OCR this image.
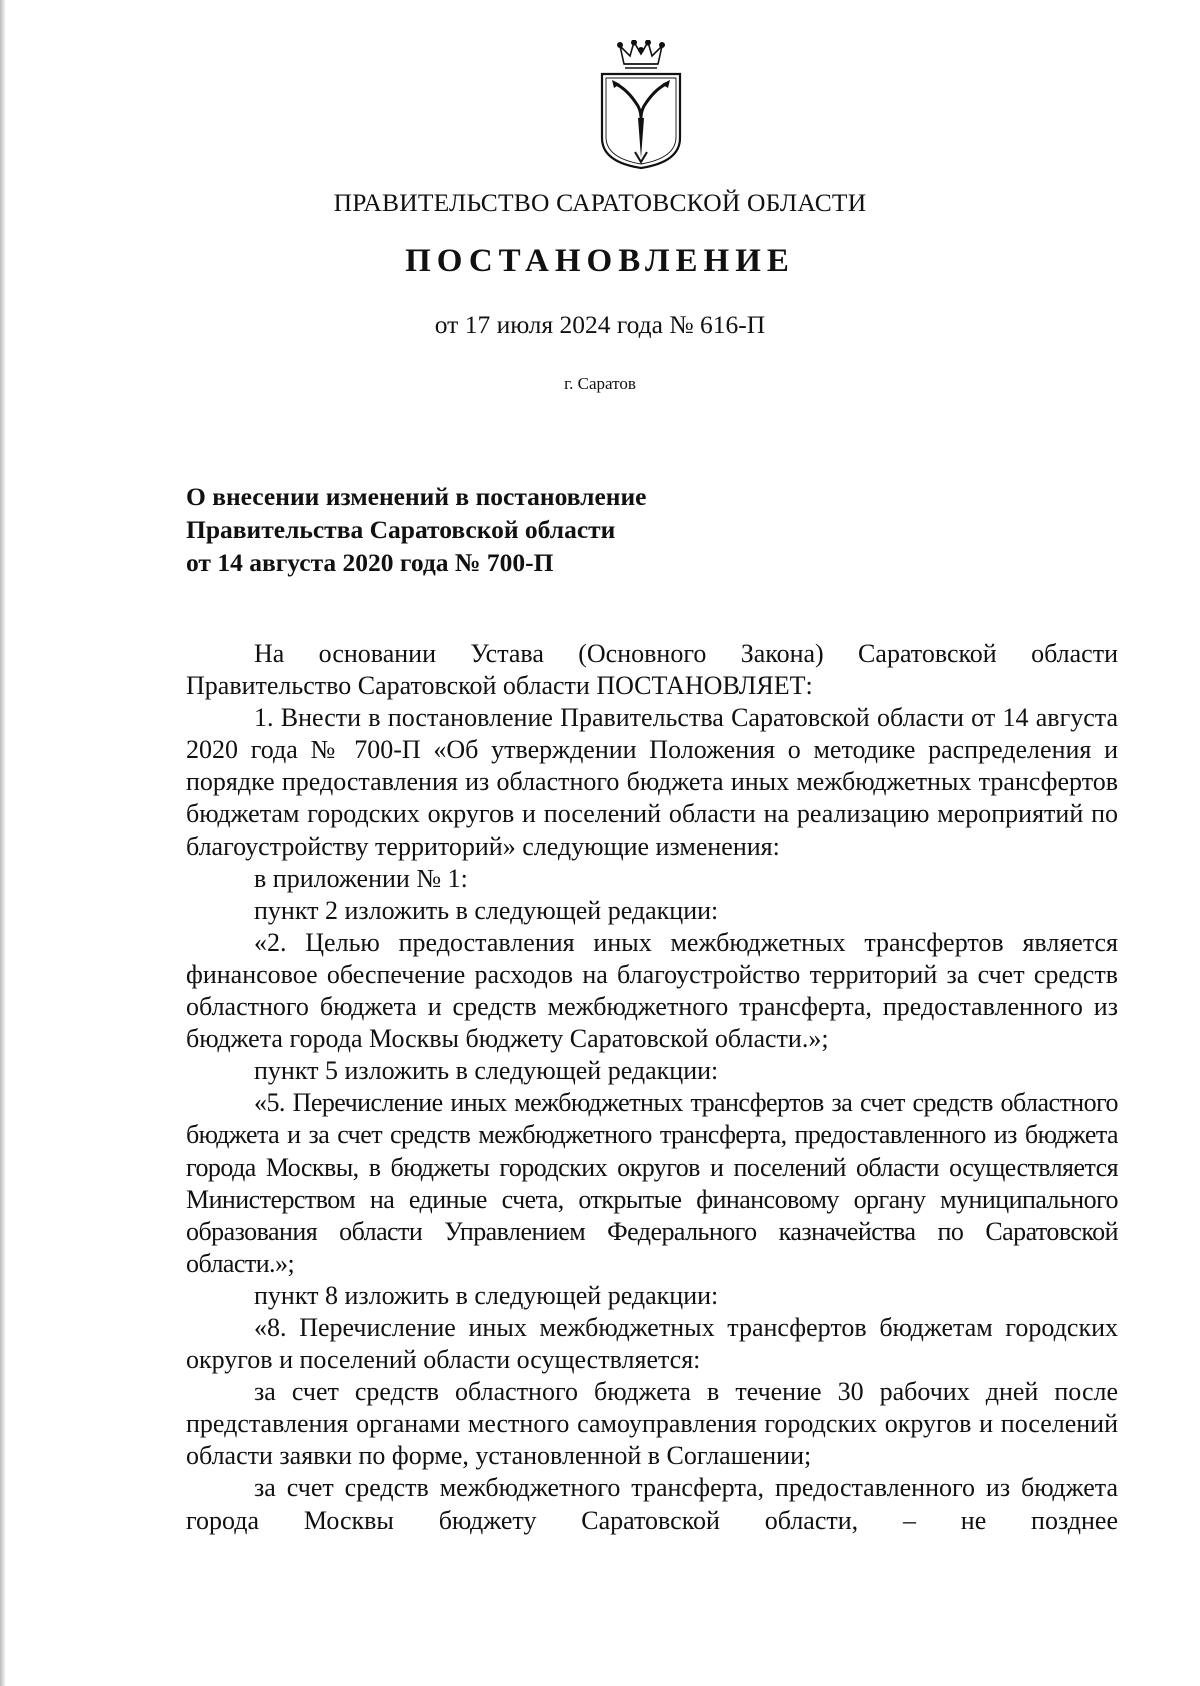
ПРАВИТЕЛЬСТВО САРАТОВСКОЙ ОБЛАСТИ
ПОСТАНОВЛЕНИЕ
от 17 июля 2024 года № 616-П
г. Саратов
О внесении изменений в постановление
Правительства Саратовской области
от 14 августа 2020 года № 700-П

На основании Устава (Основного Закона) Саратовской области Правительство Саратовской области ПОСТАНОВЛЯЕТ:

1. Внести в постановление Правительства Саратовской области от 14 августа 2020 года № 700-П «Об утверждении Положения о методике распределения и порядке предоставления из областного бюджета иных межбюджетных трансфертов бюджетам городских округов и поселений области на реализацию мероприятий по благоустройству территорий» следующие изменения:

в приложении № 1:

пункт 2 изложить в следующей редакции:

«2. Целью предоставления иных межбюджетных трансфертов является финансовое обеспечение расходов на благоустройство территорий за счет средств областного бюджета и средств межбюджетного трансферта, предоставленного из бюджета города Москвы бюджету Саратовской области.»;

пункт 5 изложить в следующей редакции:

«5. Перечисление иных межбюджетных трансфертов за счет средств областного бюджета и за счет средств межбюджетного трансферта, предоставленного из бюджета города Москвы, в бюджеты городских округов и поселений области осуществляется Министерством на единые счета, открытые финансовому органу муниципального образования области Управлением Федерального казначейства по Саратовской области.»;

пункт 8 изложить в следующей редакции:

«8. Перечисление иных межбюджетных трансфертов бюджетам городских округов и поселений области осуществляется:

за счет средств областного бюджета в течение 30 рабочих дней после представления органами местного самоуправления городских округов и поселений области заявки по форме, установленной в Соглашении;

за счет средств межбюджетного трансферта, предоставленного из бюджета города Москвы бюджету Саратовской области, – не позднее
